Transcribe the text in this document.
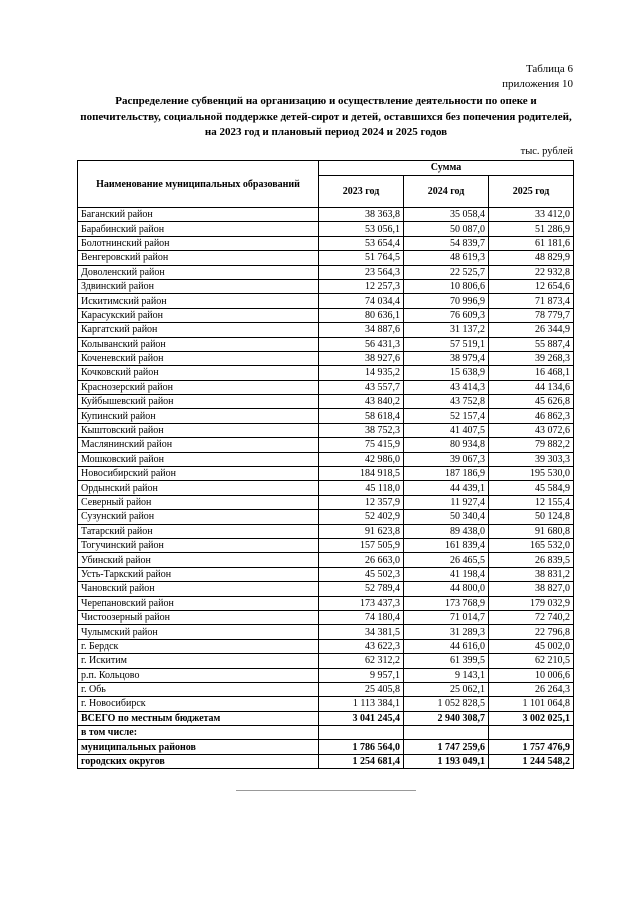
Таблица 6
приложения 10
Распределение субвенций на организацию и осуществление деятельности по опеке и попечительству, социальной поддержке детей-сирот и детей, оставшихся без попечения родителей, на 2023 год и плановый период 2024 и 2025 годов
тыс. рублей
Наименование муниципальных образований	Сумма		
	2023 год	2024 год	2025 год
Баганский район	38 363,8	35 058,4	33 412,0
Барабинский район	53 056,1	50 087,0	51 286,9
Болотнинский район	53 654,4	54 839,7	61 181,6
Венгеровский район	51 764,5	48 619,3	48 829,9
Доволенский район	23 564,3	22 525,7	22 932,8
Здвинский район	12 257,3	10 806,6	12 654,6
Искитимский район	74 034,4	70 996,9	71 873,4
Карасукский район	80 636,1	76 609,3	78 779,7
Каргатский район	34 887,6	31 137,2	26 344,9
Колыванский район	56 431,3	57 519,1	55 887,4
Коченевский район	38 927,6	38 979,4	39 268,3
Кочковский район	14 935,2	15 638,9	16 468,1
Краснозерский район	43 557,7	43 414,3	44 134,6
Куйбышевский район	43 840,2	43 752,8	45 626,8
Купинский район	58 618,4	52 157,4	46 862,3
Кыштовский район	38 752,3	41 407,5	43 072,6
Маслянинский район	75 415,9	80 934,8	79 882,2
Мошковский район	42 986,0	39 067,3	39 303,3
Новосибирский район	184 918,5	187 186,9	195 530,0
Ордынский район	45 118,0	44 439,1	45 584,9
Северный район	12 357,9	11 927,4	12 155,4
Сузунский район	52 402,9	50 340,4	50 124,8
Татарский район	91 623,8	89 438,0	91 680,8
Тогучинский район	157 505,9	161 839,4	165 532,0
Убинский район	26 663,0	26 465,5	26 839,5
Усть-Таркский район	45 502,3	41 198,4	38 831,2
Чановский район	52 789,4	44 800,0	38 827,0
Черепановский район	173 437,3	173 768,9	179 032,9
Чистоозерный район	74 180,4	71 014,7	72 740,2
Чулымский район	34 381,5	31 289,3	22 796,8
г. Бердск	43 622,3	44 616,0	45 002,0
г. Искитим	62 312,2	61 399,5	62 210,5
р.п. Кольцово	9 957,1	9 143,1	10 006,6
г. Обь	25 405,8	25 062,1	26 264,3
г. Новосибирск	1 113 384,1	1 052 828,5	1 101 064,8
ВСЕГО по местным бюджетам	3 041 245,4	2 940 308,7	3 002 025,1
в том числе:			
муниципальных районов	1 786 564,0	1 747 259,6	1 757 476,9
городских округов	1 254 681,4	1 193 049,1	1 244 548,2
